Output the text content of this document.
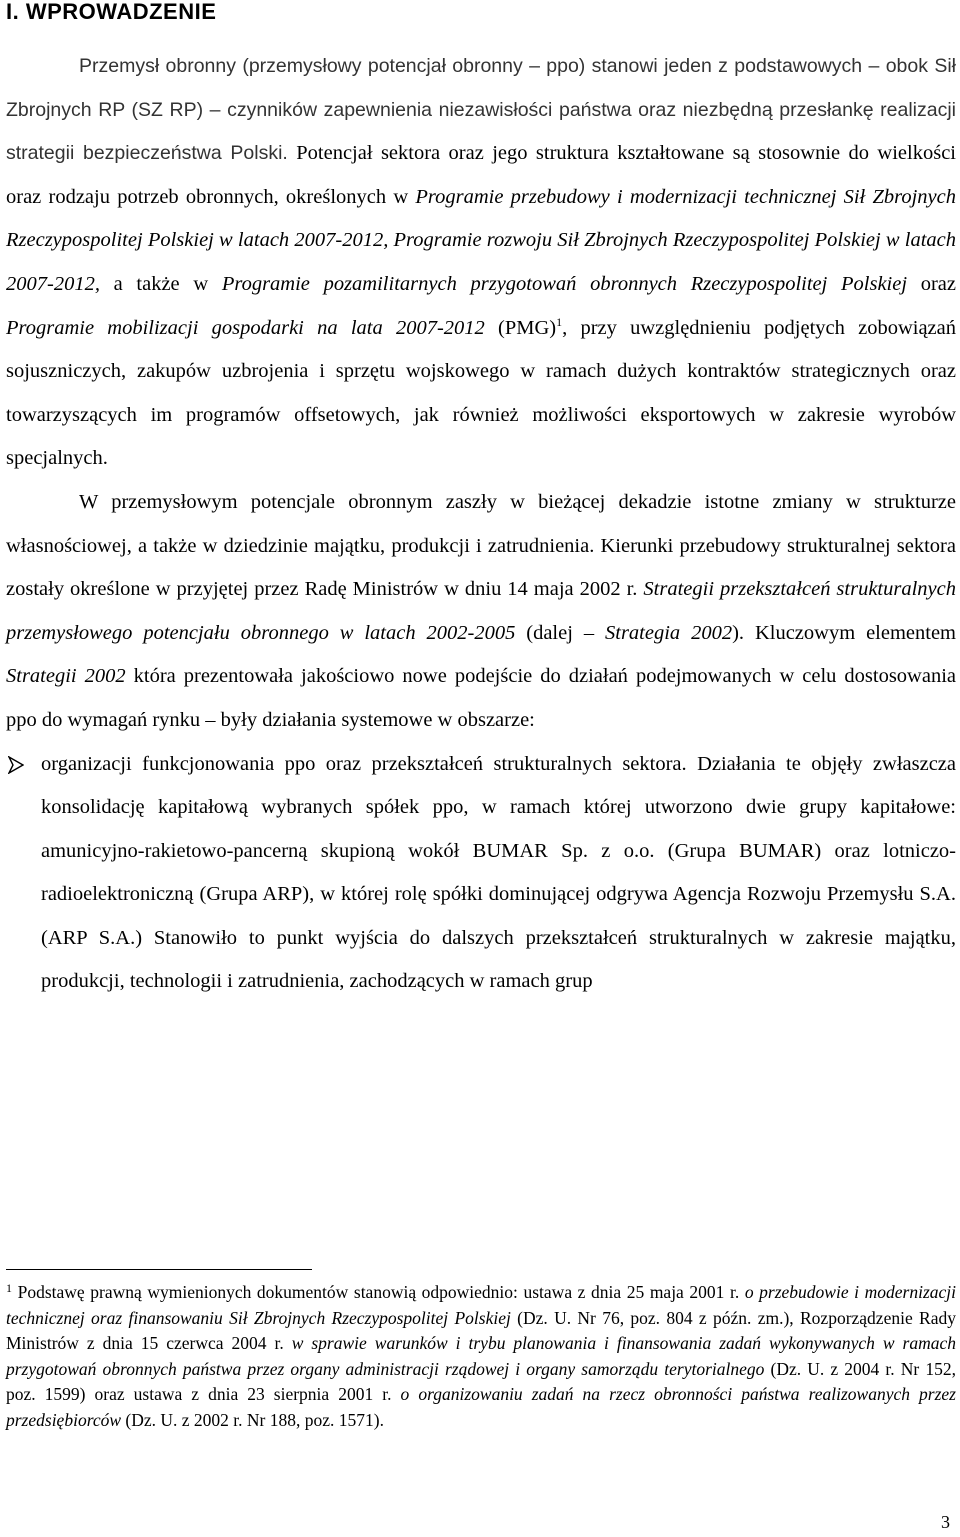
I. WPROWADZENIE

Przemysł obronny (przemysłowy potencjał obronny – ppo) stanowi jeden z podstawowych – obok Sił Zbrojnych RP (SZ RP) – czynników zapewnienia niezawisłości państwa oraz niezbędną przesłankę realizacji strategii bezpieczeństwa Polski. Potencjał sektora oraz jego struktura kształtowane są stosownie do wielkości oraz rodzaju potrzeb obronnych, określonych w Programie przebudowy i modernizacji technicznej Sił Zbrojnych Rzeczypospolitej Polskiej w latach 2007-2012, Programie rozwoju Sił Zbrojnych Rzeczypospolitej Polskiej w latach 2007-2012, a także w Programie pozamilitarnych przygotowań obronnych Rzeczypospolitej Polskiej oraz Programie mobilizacji gospodarki na lata 2007-2012 (PMG)$^1$, przy uwzględnieniu podjętych zobowiązań sojuszniczych, zakupów uzbrojenia i sprzętu wojskowego w ramach dużych kontraktów strategicznych oraz towarzyszących im programów offsetowych, jak również możliwości eksportowych w zakresie wyrobów specjalnych.

W przemysłowym potencjale obronnym zaszły w bieżącej dekadzie istotne zmiany w strukturze własnościowej, a także w dziedzinie majątku, produkcji i zatrudnienia. Kierunki przebudowy strukturalnej sektora zostały określone w przyjętej przez Radę Ministrów w dniu 14 maja 2002 r. Strategii przekształceń strukturalnych przemysłowego potencjału obronnego w latach 2002-2005 (dalej – Strategia 2002). Kluczowym elementem Strategii 2002 która prezentowała jakościowo nowe podejście do działań podejmowanych w celu dostosowania ppo do wymagań rynku – były działania systemowe w obszarze:

organizacji funkcjonowania ppo oraz przekształceń strukturalnych sektora. Działania te objęły zwłaszcza konsolidację kapitałową wybranych spółek ppo, w ramach której utworzono dwie grupy kapitałowe: amunicyjno-rakietowo-pancerną skupioną wokół BUMAR Sp. z o.o. (Grupa BUMAR) oraz lotniczo-radioelektroniczną (Grupa ARP), w której rolę spółki dominującej odgrywa Agencja Rozwoju Przemysłu S.A. (ARP S.A.) Stanowiło to punkt wyjścia do dalszych przekształceń strukturalnych w zakresie majątku, produkcji, technologii i zatrudnienia, zachodzących w ramach grup
$^1$ Podstawę prawną wymienionych dokumentów stanowią odpowiednio: ustawa z dnia 25 maja 2001 r. o przebudowie i modernizacji technicznej oraz finansowaniu Sił Zbrojnych Rzeczypospolitej Polskiej (Dz. U. Nr 76, poz. 804 z późn. zm.), Rozporządzenie Rady Ministrów z dnia 15 czerwca 2004 r. w sprawie warunków i trybu planowania i finansowania zadań wykonywanych w ramach przygotowań obronnych państwa przez organy administracji rządowej i organy samorządu terytorialnego (Dz. U. z 2004 r. Nr 152, poz. 1599) oraz ustawa z dnia 23 sierpnia 2001 r. o organizowaniu zadań na rzecz obronności państwa realizowanych przez przedsiębiorców (Dz. U. z 2002 r. Nr 188, poz. 1571).
3
